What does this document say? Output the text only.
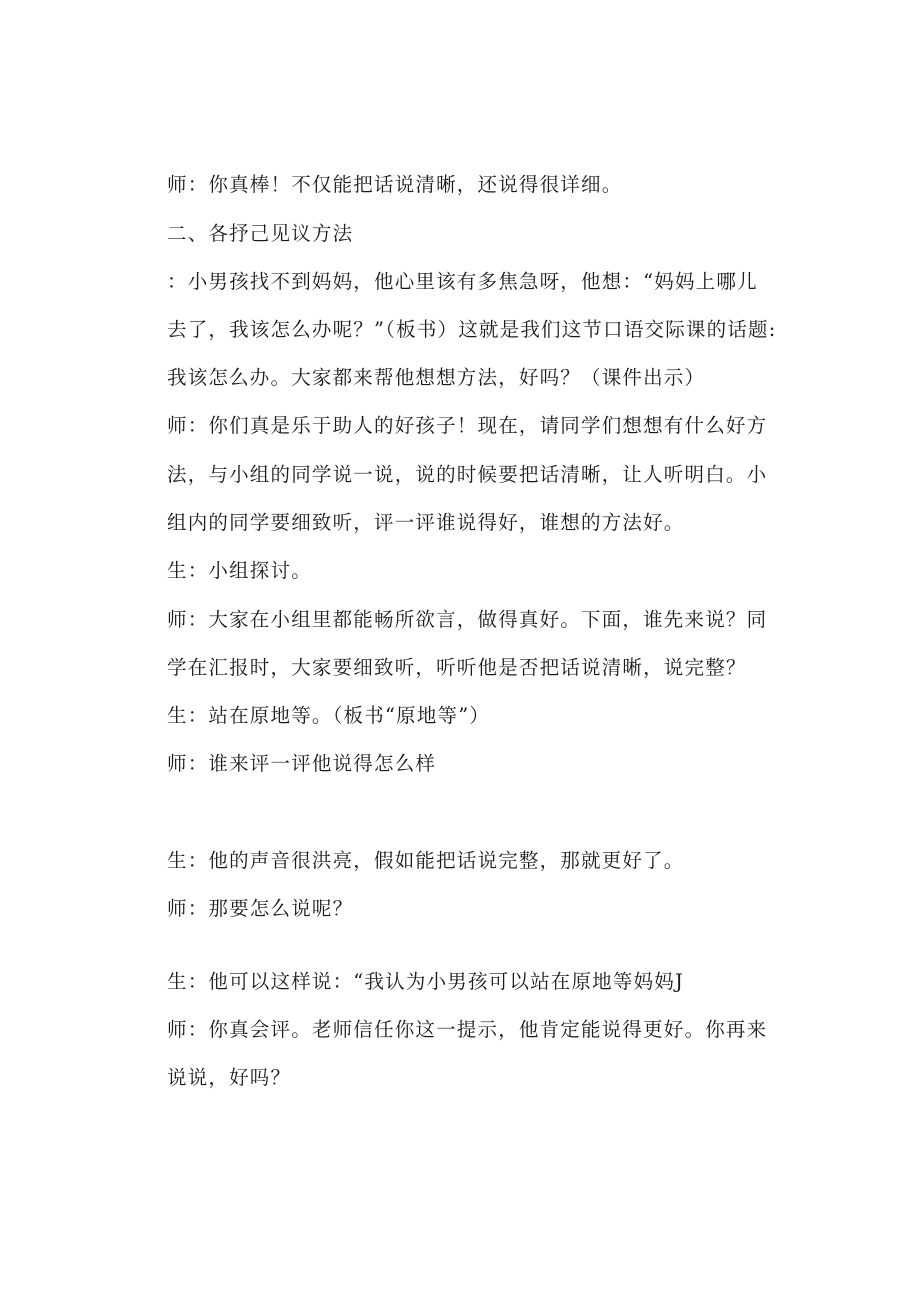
师：你真棒！不仅能把话说清晰，还说得很详细。
二、各抒己见议方法
：小男孩找不到妈妈，他心里该有多焦急呀，他想：“妈妈上哪儿
去了，我该怎么办呢？”（板书）这就是我们这节口语交际课的话题:
我该怎么办。大家都来帮他想想方法，好吗？（课件出示）
师：你们真是乐于助人的好孩子！现在，请同学们想想有什么好方
法，与小组的同学说一说，说的时候要把话清晰，让人听明白。小
组内的同学要细致听，评一评谁说得好，谁想的方法好。
生：小组探讨。
师：大家在小组里都能畅所欲言，做得真好。下面，谁先来说？同
学在汇报时，大家要细致听，听听他是否把话说清晰，说完整？
生：站在原地等。（板书“原地等”）
师：谁来评一评他说得怎么样
生：他的声音很洪亮，假如能把话说完整，那就更好了。
师：那要怎么说呢？
生：他可以这样说：“我认为小男孩可以站在原地等妈妈J
师：你真会评。老师信任你这一提示，他肯定能说得更好。你再来
说说，好吗？
